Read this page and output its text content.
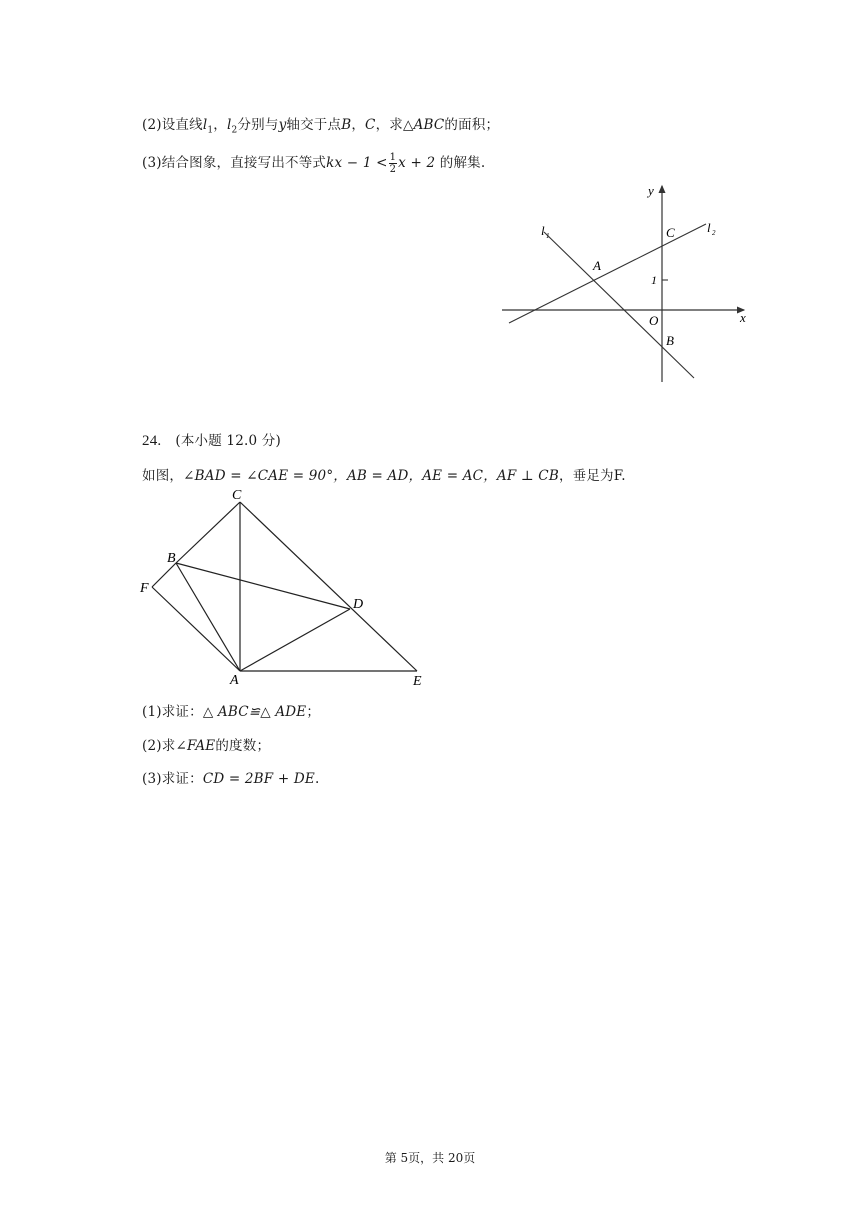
(2)设直线$l_1$，$l_2$分别与y轴交于点B，C，求△ABC的面积；
(3)结合图象，直接写出不等式kx − $1 < \frac{1}{2}$ x + 2 的解集.
y
x
O
A
B
C
1
l 1
l 2
24. (本小题 12.0 分)
如图，∠BAD = ∠CAE = 90°，AB = AD，AE = AC，AF ⊥ CB，垂足为F.
C
B
F
D
A	E
(1)求证：△ ABC≌△ ADE；
(2)求∠FAE的度数；
(3)求证：CD = 2BF + DE.
第 5页，共 20页
